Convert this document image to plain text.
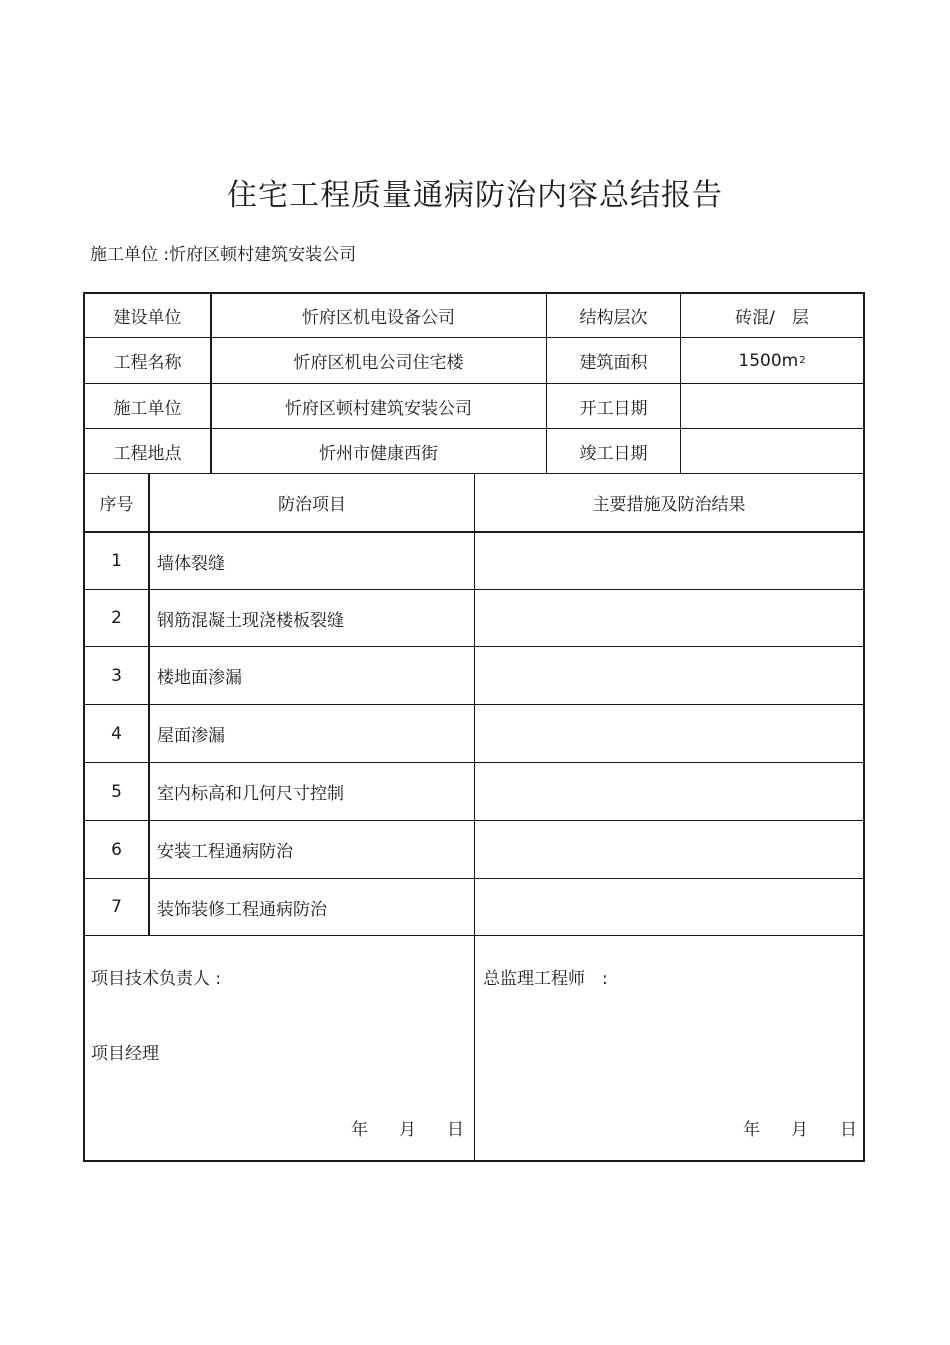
住宅工程质量通病防治内容总结报告
施工单位 :忻府区顿村建筑安装公司
建设单位	忻府区机电设备公司	结构层次	砖混/　层
工程名称	忻府区机电公司住宅楼	建筑面积	1500m 2
施工单位	忻府区顿村建筑安装公司	开工日期
工程地点	忻州市健康西街	竣工日期
序号	防治项目	主要措施及防治结果
1	墙体裂缝
2	钢筋混凝土现浇楼板裂缝
3	楼地面渗漏
4	屋面渗漏
5	室内标高和几何尺寸控制
6	安装工程通病防治
7	装饰装修工程通病防治
项目技术负责人 :
项目经理
年 月 日
总监理工程师　:
年 月 日
